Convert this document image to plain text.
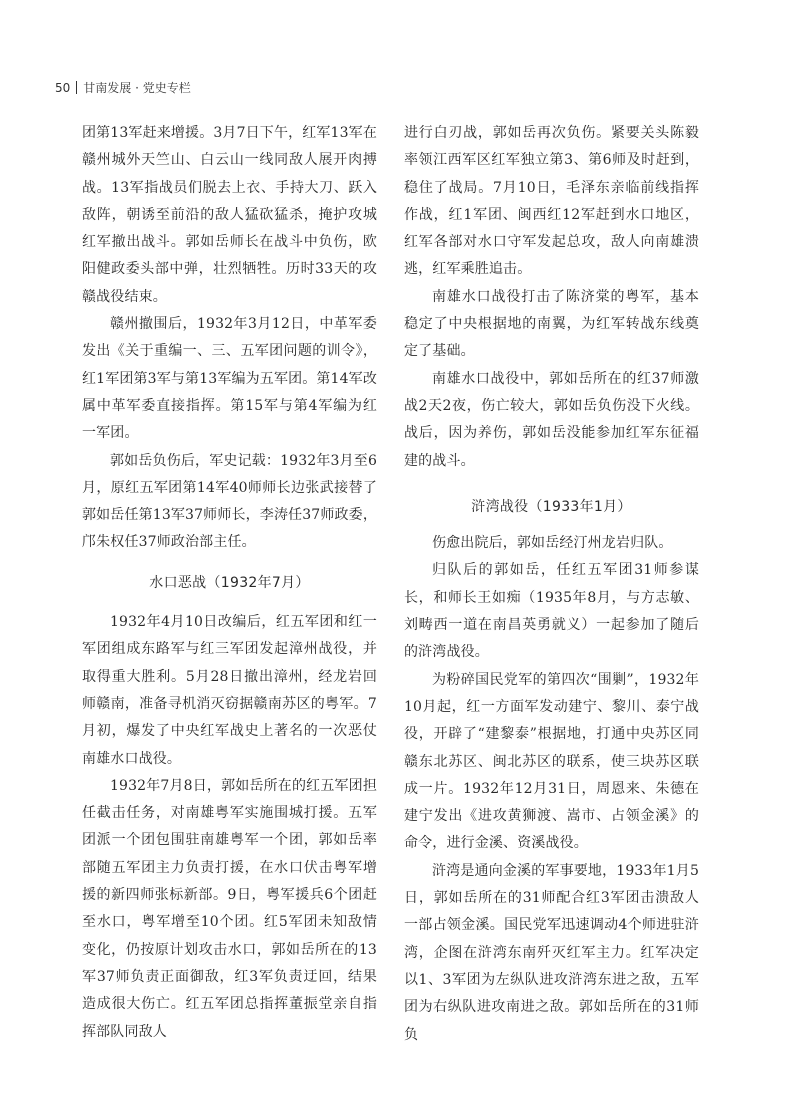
50 甘南发展 · 党史专栏

团第13军赶来增援。3月7日下午，红军13军在赣州城外天竺山、白云山一线同敌人展开肉搏战。13军指战员们脱去上衣、手持大刀、跃入敌阵，朝诱至前沿的敌人猛砍猛杀，掩护攻城红军撤出战斗。郭如岳师长在战斗中负伤，欧阳健政委头部中弹，壮烈牺牲。历时33天的攻赣战役结束。

赣州撤围后，1932年3月12日，中革军委发出《关于重编一、三、五军团问题的训令》，红1军团第3军与第13军编为五军团。第14军改属中革军委直接指挥。第15军与第4军编为红一军团。

郭如岳负伤后，军史记载：1932年3月至6月，原红五军团第14军40师师长边张武接替了郭如岳任第13军37师师长，李涛任37师政委，邝朱权任37师政治部主任。

水口恶战（1932年7月）

1932年4月10日改编后，红五军团和红一军团组成东路军与红三军团发起漳州战役，并取得重大胜利。5月28日撤出漳州，经龙岩回师赣南，准备寻机消灭窃据赣南苏区的粤军。7月初，爆发了中央红军战史上著名的一次恶仗南雄水口战役。

1932年7月8日，郭如岳所在的红五军团担任截击任务，对南雄粤军实施围城打援。五军团派一个团包围驻南雄粤军一个团，郭如岳率部随五军团主力负责打援，在水口伏击粤军增援的新四师张标新部。9日，粤军援兵6个团赶至水口，粤军增至10个团。红5军团未知敌情变化，仍按原计划攻击水口，郭如岳所在的13军37师负责正面御敌，红3军负责迂回，结果造成很大伤亡。红五军团总指挥董振堂亲自指挥部队同敌人

进行白刃战，郭如岳再次负伤。紧要关头陈毅率领江西军区红军独立第3、第6师及时赶到，稳住了战局。7月10日，毛泽东亲临前线指挥作战，红1军团、闽西红12军赶到水口地区，红军各部对水口守军发起总攻，敌人向南雄溃逃，红军乘胜追击。

南雄水口战役打击了陈济棠的粤军，基本稳定了中央根据地的南翼，为红军转战东线奠定了基础。

南雄水口战役中，郭如岳所在的红37师激战2天2夜，伤亡较大，郭如岳负伤没下火线。战后，因为养伤，郭如岳没能参加红军东征福建的战斗。

浒湾战役（1933年1月）

伤愈出院后，郭如岳经汀州龙岩归队。

归队后的郭如岳，任红五军团31师参谋长，和师长王如痴（1935年8月，与方志敏、刘畴西一道在南昌英勇就义）一起参加了随后的浒湾战役。

为粉碎国民党军的第四次“围剿”，1932年10月起，红一方面军发动建宁、黎川、泰宁战役，开辟了“建黎泰”根据地，打通中央苏区同赣东北苏区、闽北苏区的联系，使三块苏区联成一片。1932年12月31日，周恩来、朱德在建宁发出《进攻黄狮渡、嵩市、占领金溪》的命令，进行金溪、资溪战役。

浒湾是通向金溪的军事要地，1933年1月5日，郭如岳所在的31师配合红3军团击溃敌人一部占领金溪。国民党军迅速调动4个师进驻浒湾，企图在浒湾东南歼灭红军主力。红军决定以1、3军团为左纵队进攻浒湾东进之敌，五军团为右纵队进攻南进之敌。郭如岳所在的31师负
